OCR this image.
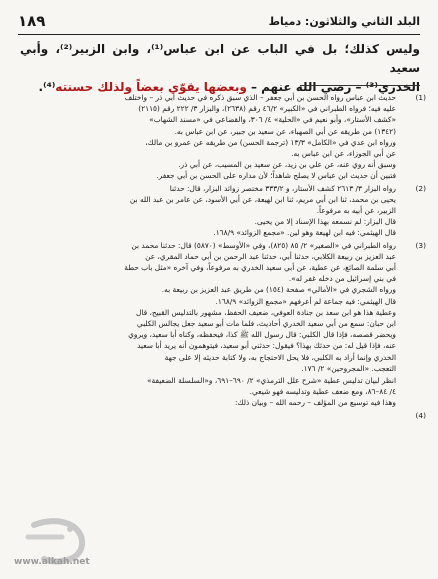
البلد الثاني والثلاثون: دمياط
١٨٩
وليس كذلك؛ بل في الباب عن ابن عباس⁽¹⁾، وابن الزبير⁽²⁾، وأبي سعيد
الخدري⁽³⁾ – رضي الله عنهم – وبعضها يقوّي بعضاً ولذلك حسنته⁽⁴⁾.
(1)
حديث ابن عباس رواه الحسن بن أبي جعفر – الذي سبق ذكره في حديث أبي ذر – واختلف
عليه فيه؛ فرواه الطبراني في «الكبير» ٤٦/٢ رقم (٢٦٣٨)، والبزار ٣/ ٢٢٢ رقم (٢١١٥)
«كشف الأستار»، وأبو نعيم في «الحلية» ٤/ ٣٠٦، والقضاعي في «مسند الشهاب»
(١٣٤٢) من طريقه عن أبي الصهباء، عن سعيد بن جبير، عن ابن عباس به.
ورواه ابن عدي في «الكامل» ١٣/٣ (ترجمة الحسن) من طريقه عن عمرو بن مالك،
عن أبي الجوزاء، عن ابن عباس به.
وسبق أنه روي عنه، عن علي بن زيد، عن سعيد بن المسيب، عن أبي ذر.
فتبين أن حديث ابن عباس لا يصلح شاهداً؛ لأن مداره على الحسن بن أبي جعفر.
(2)
رواه البزار ٣/ ٢٦١٣ كشف الأستار، و ٣٣٣/٢ مختصر زوائد البزار، قال: حدثنا
يحيى بن محمد، ثنا ابن أبي مريم، ثنا ابن لهيعة، عن أبي الأسود، عن عامر بن عبد الله بن
الزبير، عن أبيه به مرفوعاً.
قال البزار: لم نسمعه بهذا الإسناد إلا من يحيى.
قال الهيثمي: فيه ابن لهيعة وهو لين. «مجمع الزوائد» ١٦٨/٩.
(3)
رواه الطبراني في «الصغير» ٢/ ٨٥ (٨٢٥)، وفي «الأوسط» (٥٨٧٠) قال: حدثنا محمد بن
عبد العزيز بن ربيعة الكلابي، حدثنا أبي، حدثنا عبد الرحمن بن أبي حماد المقري، عن
أبي سلمة الصائغ، عن عطية، عن أبي سعيد الخدري به مرفوعاً، وفي آخره «مثل باب حطة
في بني إسرائيل من دخله غفر له».
ورواه الشجري في «الأمالي» صفحة (١٥٤) من طريق عبد العزيز بن ربيعة به.
قال الهيثمي: فيه جماعة لم أعرفهم «مجمع الزوائد» ١٦٨/٩.
وعطية هذا هو ابن سعد بن جنادة العوفي، ضعيف الحفظ، مشهور بالتدليس القبيح، قال
ابن حبان: سمع من أبي سعيد الخدري أحاديث، فلما مات أبو سعيد جعل يجالس الكلبي
ويحضر قصصه، فإذا قال الكلبي: قال رسول الله ﷺ كذا، فيحفظه، وكناه أبا سعيد، ويروي
عنه، فإذا قيل له: من حدثك بهذا؟ فيقول: حدثني أبو سعيد، فيتوهمون أنه يريد أبا سعيد
الخدري وإنما أراد به الكلبي، فلا يحل الاحتجاج به، ولا كتابة حديثه إلا على جهة
التعجب. «المجروحين» ٢/ ١٧٦.
انظر لبيان تدليس عطية «شرح علل الترمذي» ٢/ ٦٩٠–٦٩١، و«السلسلة الضعيفة»
٤/ ٨٤–٨٦، ومع ضعف عطية وتدليسه فهو شيعي.
وهذا فيه توسيع من المؤلف – رحمه الله – وبيان ذلك:
(4)
www.alkah.net
